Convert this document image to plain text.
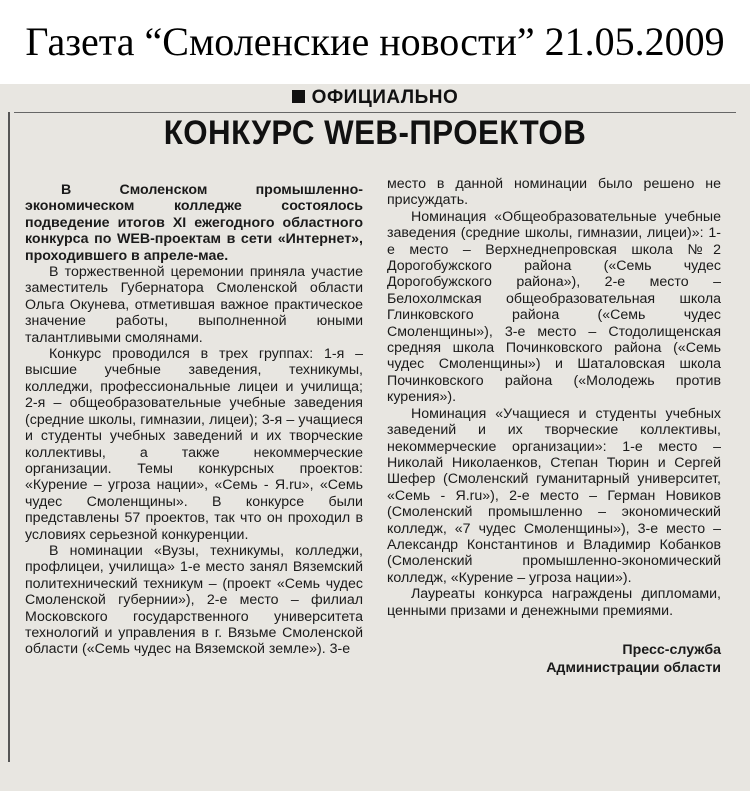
Газета “Смоленские новости” 21.05.2009
ОФИЦИАЛЬНО
КОНКУРС WEB-ПРОЕКТОВ

В Смоленском промышленно-экономическом колледже состоялось подведение итогов XI ежегодного областного конкурса по WEB-проектам в сети «Интернет», проходившего в апреле-мае.

В торжественной церемонии приняла участие заместитель Губернатора Смоленской области Ольга Окунева, отметившая важное практическое значение работы, выполненной юными талантливыми смолянами.

Конкурс проводился в трех группах: 1-я – высшие учебные заведения, техникумы, колледжи, профессиональные лицеи и училища; 2-я – общеобразовательные учебные заведения (средние школы, гимназии, лицеи); 3-я – учащиеся и студенты учебных заведений и их творческие коллективы, а также некоммерческие организации. Темы конкурсных проектов: «Курение – угроза нации», «Семь - Я.ru», «Семь чудес Смоленщины». В конкурсе были представлены 57 проектов, так что он проходил в условиях серьезной конкуренции.

В номинации «Вузы, техникумы, колледжи, профлицеи, училища» 1-е место занял Вяземский политехнический техникум – (проект «Семь чудес Смоленской губернии»), 2-е место – филиал Московского государственного университета технологий и управления в г. Вязьме Смоленской области («Семь чудес на Вяземской земле»). 3-е

место в данной номинации было решено не присуждать.

Номинация «Общеобразовательные учебные заведения (средние школы, гимназии, лицеи)»: 1-е место – Верхнеднепровская школа №2 Дорогобужского района («Семь чудес Дорогобужского района»), 2-е место – Белохолмская общеобразовательная школа Глинковского района («Семь чудес Смоленщины»), 3-е место – Стодолищенская средняя школа Починковского района («Семь чудес Смоленщины») и Шаталовская школа Починковского района («Молодежь против курения»).

Номинация «Учащиеся и студенты учебных заведений и их творческие коллективы, некоммерческие организации»: 1-е место – Николай Николаенков, Степан Тюрин и Сергей Шефер (Смоленский гуманитарный университет, «Семь - Я.ru»), 2-е место – Герман Новиков (Смоленский промышленно – экономический колледж, «7 чудес Смоленщины»), 3-е место – Александр Константинов и Владимир Кобанков (Смоленский промышленно-экономический колледж, «Курение – угроза нации»).

Лауреаты конкурса награждены дипломами, ценными призами и денежными премиями.

Пресс-служба
Администрации области
